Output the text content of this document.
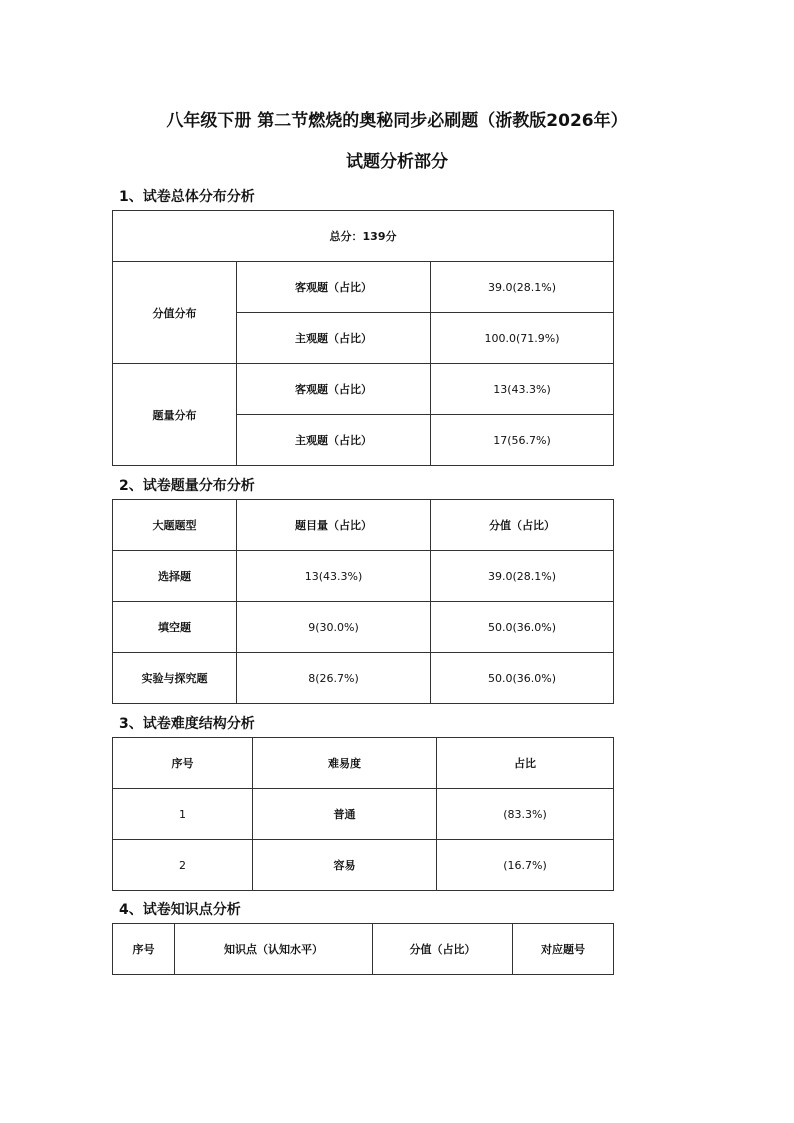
八年级下册 第二节燃烧的奥秘同步必刷题（浙教版2026年）
试题分析部分
1、试卷总体分布分析
总分：139分		
分值分布	客观题（占比）	39.0(28.1%)
	主观题（占比）	100.0(71.9%)
题量分布	客观题（占比）	13(43.3%)
	主观题（占比）	17(56.7%)
2、试卷题量分布分析
大题题型	题目量（占比）	分值（占比）
选择题	13(43.3%)	39.0(28.1%)
填空题	9(30.0%)	50.0(36.0%)
实验与探究题	8(26.7%)	50.0(36.0%)
3、试卷难度结构分析
序号	难易度	占比
1	普通	(83.3%)
2	容易	(16.7%)
4、试卷知识点分析
序号	知识点（认知水平）	分值（占比）	对应题号
